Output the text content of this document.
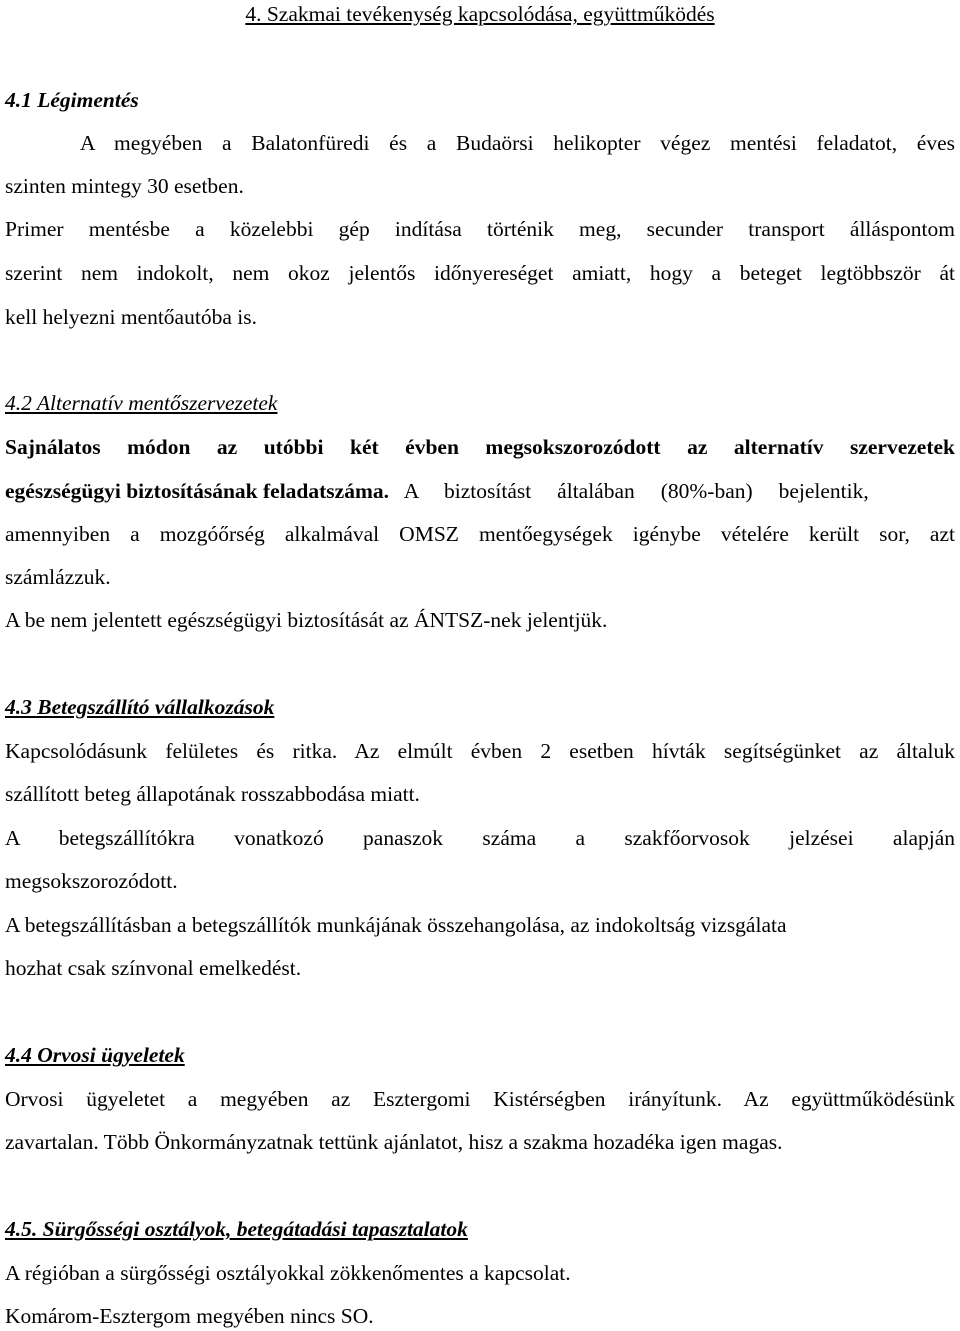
4. Szakmai tevékenység kapcsolódása, együttműködés
4.1 Légimentés
A megyében a Balatonfüredi és a Budaörsi helikopter végez mentési feladatot, éves
szinten mintegy 30 esetben.
Primer mentésbe a közelebbi gép indítása történik meg, secunder transport álláspontom
szerint nem indokolt, nem okoz jelentős időnyereséget amiatt, hogy a beteget legtöbbször át
kell helyezni mentőautóba is.
4.2 Alternatív mentőszervezetek
Sajnálatos módon az utóbbi két évben megsokszorozódott az alternatív szervezetek
egészségügyi biztosításának feladatszáma. A biztosítást általában (80%-ban) bejelentik,
amennyiben a mozgóőrség alkalmával OMSZ mentőegységek igénybe vételére került sor, azt
számlázzuk.
A be nem jelentett egészségügyi biztosítását az ÁNTSZ-nek jelentjük.
4.3 Betegszállító vállalkozások
Kapcsolódásunk felületes és ritka. Az elmúlt évben 2 esetben hívták segítségünket az általuk
szállított beteg állapotának rosszabbodása miatt.
A betegszállítókra vonatkozó panaszok száma a szakfőorvosok jelzései alapján
megsokszorozódott.
A betegszállításban a betegszállítók munkájának összehangolása, az indokoltság vizsgálata
hozhat csak színvonal emelkedést.
4.4 Orvosi ügyeletek
Orvosi ügyeletet a megyében az Esztergomi Kistérségben irányítunk. Az együttműködésünk
zavartalan. Több Önkormányzatnak tettünk ajánlatot, hisz a szakma hozadéka igen magas.
4.5. Sürgősségi osztályok, betegátadási tapasztalatok
A régióban a sürgősségi osztályokkal zökkenőmentes a kapcsolat.
Komárom-Esztergom megyében nincs SO.
